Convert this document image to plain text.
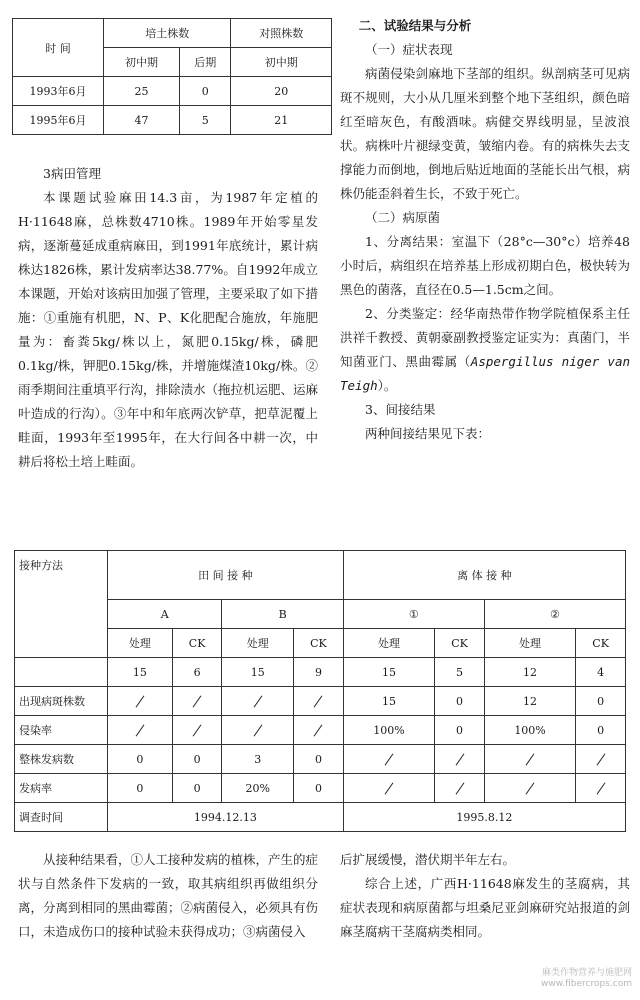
时 间	培土株数		对照株数
	初中期	后期	初中期
1993年6月	25	0	20
1995年6月	47	5	21

3病田管理

本课题试验麻田14.3亩，为1987年定植的H·11648麻，总株数4710株。1989年开始零星发病，逐渐蔓延成重病麻田，到1991年底统计，累计病株达1826株，累计发病率达38.77%。自1992年成立本课题，开始对该病田加强了管理，主要采取了如下措施：①重施有机肥，N、P、K化肥配合施放，年施肥量为：畜粪5kg/株以上，氮肥0.15kg/株，磷肥0.1kg/株，钾肥0.15kg/株，并增施煤渣10kg/株。②雨季期间注重填平行沟，排除渍水（拖拉机运肥、运麻叶造成的行沟）。③年中和年底两次铲草，把草泥覆上畦面，1993年至1995年，在大行间各中耕一次，中耕后将松土培上畦面。

二、试验结果与分析

（一）症状表现

病菌侵染剑麻地下茎部的组织。纵剖病茎可见病斑不规则，大小从几厘米到整个地下茎组织，颜色暗红至暗灰色，有酸酒味。病健交界线明显，呈波浪状。病株叶片褪绿变黄，皱缩内卷。有的病株失去支撑能力而倒地，倒地后贴近地面的茎能长出气根，病株仍能歪斜着生长，不致于死亡。

（二）病原菌

1、分离结果：室温下（28°c—30°c）培养48小时后，病组织在培养基上形成初期白色，极快转为黑色的菌落，直径在0.5—1.5cm之间。

2、分类鉴定：经华南热带作物学院植保系主任洪祥千教授、黄朝豪副教授鉴定证实为：真菌门，半知菌亚门、黑曲霉属（Aspergillus niger van Teigh）。

3、间接结果

两种间接结果见下表：

接种方法	田 间 接 种				离 体 接 种			
	A		B		①		②	
	处理	CK	处理	CK	处理	CK	处理	CK
	15	6	15	9	15	5	12	4
出现病斑株数					15	0	12	0
侵染率					100%	0	100%	0
整株发病数	0	0	3	0				
发病率	0	0	20%	0				
调查时间	1994.12.13				1995.8.12			

从接种结果看，①人工接种发病的植株，产生的症状与自然条件下发病的一致，取其病组织再做组织分离，分离到相同的黑曲霉菌；②病菌侵入，必须具有伤口，未造成伤口的接种试验未获得成功；③病菌侵入

后扩展缓慢，潜伏期半年左右。

综合上述，广西H·11648麻发生的茎腐病，其症状表现和病原菌都与坦桑尼亚剑麻研究站报道的剑麻茎腐病干茎腐病类相同。

麻类作物营养与施肥网
www.fibercrops.com
